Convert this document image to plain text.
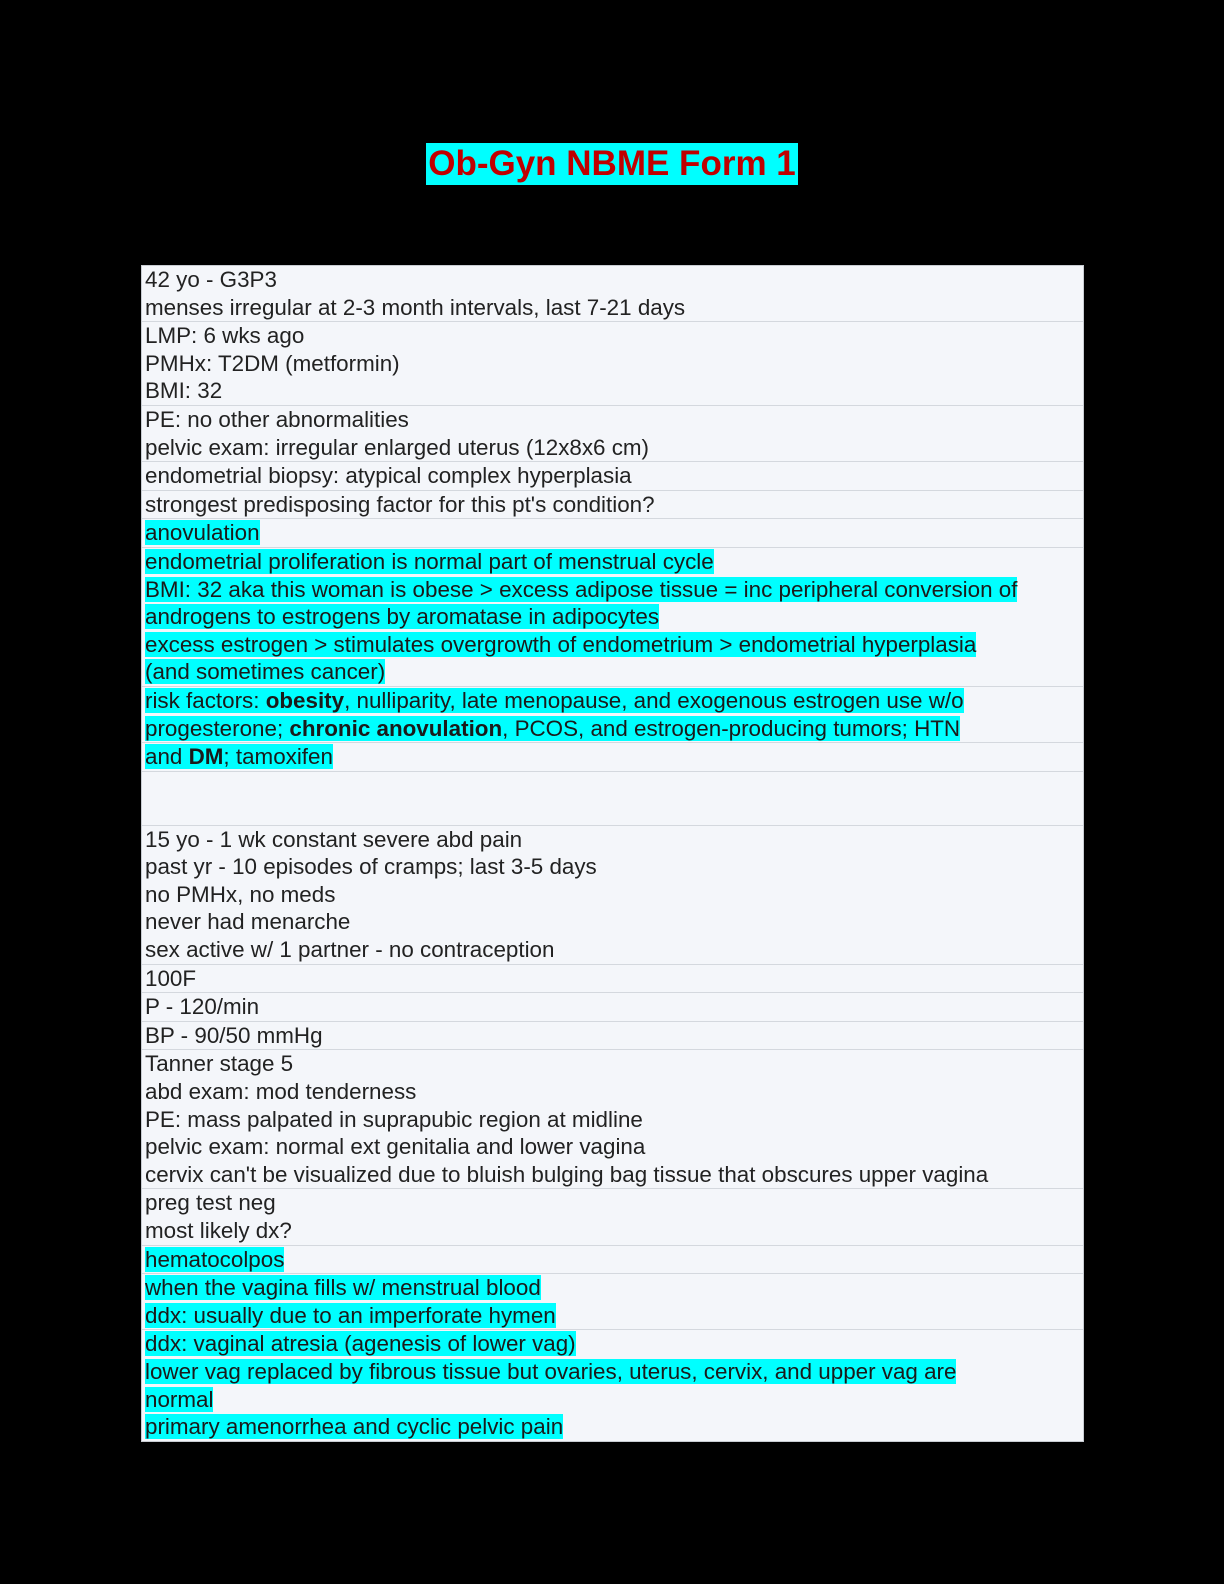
Ob-Gyn NBME Form 1
42 yo - G3P3
menses irregular at 2-3 month intervals, last 7-21 days
LMP: 6 wks ago
PMHx: T2DM (metformin)
BMI: 32
PE: no other abnormalities
pelvic exam: irregular enlarged uterus (12x8x6 cm)
endometrial biopsy: atypical complex hyperplasia
strongest predisposing factor for this pt's condition?
anovulation
endometrial proliferation is normal part of menstrual cycle
BMI: 32 aka this woman is obese > excess adipose tissue = inc peripheral conversion of
androgens to estrogens by aromatase in adipocytes
excess estrogen > stimulates overgrowth of endometrium > endometrial hyperplasia
(and sometimes cancer)
risk factors: obesity, nulliparity, late menopause, and exogenous estrogen use w/o
progesterone; chronic anovulation, PCOS, and estrogen-producing tumors; HTN
and DM; tamoxifen
15 yo - 1 wk constant severe abd pain
past yr - 10 episodes of cramps; last 3-5 days
no PMHx, no meds
never had menarche
sex active w/ 1 partner - no contraception
100F
P - 120/min
BP - 90/50 mmHg
Tanner stage 5
abd exam: mod tenderness
PE: mass palpated in suprapubic region at midline
pelvic exam: normal ext genitalia and lower vagina
cervix can't be visualized due to bluish bulging bag tissue that obscures upper vagina
preg test neg
most likely dx?
hematocolpos
when the vagina fills w/ menstrual blood
ddx: usually due to an imperforate hymen
ddx: vaginal atresia (agenesis of lower vag)
lower vag replaced by fibrous tissue but ovaries, uterus, cervix, and upper vag are
normal
primary amenorrhea and cyclic pelvic pain
